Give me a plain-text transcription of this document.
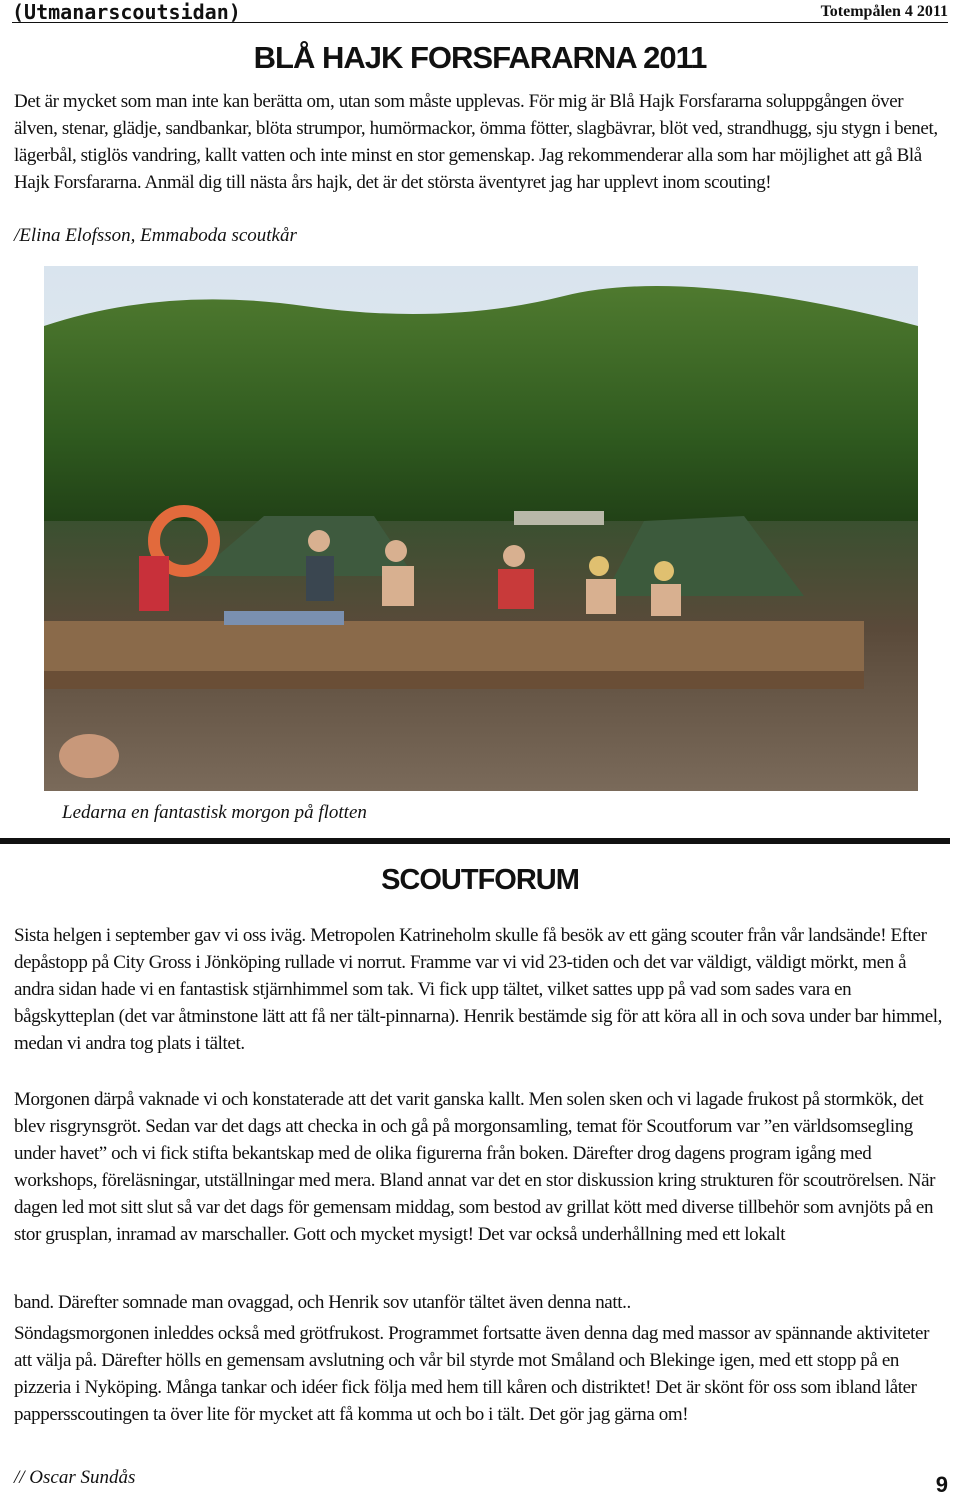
(Utmanarscoutsidan)	Totempålen 4 2011
BLÅ HAJK FORSFARARNA 2011

Det är mycket som man inte kan berätta om, utan som måste upplevas. För mig är Blå Hajk Forsfararna soluppgången över älven, stenar, glädje, sandbankar, blöta strumpor, humörmackor, ömma fötter, slagbävrar, blöt ved, strandhugg, sju stygn i benet, lägerbål, stiglös vandring, kallt vatten och inte minst en stor gemenskap. Jag rekommenderar alla som har möjlighet att gå Blå Hajk Forsfararna. Anmäl dig till nästa års hajk, det är det största äventyret jag har upplevt inom scouting!

/Elina Elofsson, Emmaboda scoutkår
Ledarna en fantastisk morgon på flotten
SCOUTFORUM

Sista helgen i september gav vi oss iväg. Metropolen Katrineholm skulle få besök av ett gäng scouter från vår landsände! Efter depåstopp på City Gross i Jönköping rullade vi norrut. Framme var vi vid 23-tiden och det var väldigt, väldigt mörkt, men å andra sidan hade vi en fantastisk stjärnhimmel som tak. Vi fick upp tältet, vilket sattes upp på vad som sades vara en bågskytteplan (det var åtminstone lätt att få ner tält-pinnarna). Henrik bestämde sig för att köra all in och sova under bar himmel, medan vi andra tog plats i tältet.

Morgonen därpå vaknade vi och konstaterade att det varit ganska kallt. Men solen sken och vi lagade frukost på stormkök, det blev risgrynsgröt. Sedan var det dags att checka in och gå på morgonsamling, temat för Scoutforum var ”en världsomsegling under havet” och vi fick stifta bekantskap med de olika figurerna från boken. Därefter drog dagens program igång med workshops, föreläsningar, utställningar med mera. Bland annat var det en stor diskussion kring strukturen för scoutrörelsen. När dagen led mot sitt slut så var det dags för gemensam middag, som bestod av grillat kött med diverse tillbehör som avnjöts på en stor grusplan, inramad av marschaller. Gott och mycket mysigt! Det var också underhållning med ett lokalt

band. Därefter somnade man ovaggad, och Henrik sov utanför tältet även denna natt..

Söndagsmorgonen inleddes också med grötfrukost. Programmet fortsatte även denna dag med massor av spännande aktiviteter att välja på. Därefter hölls en gemensam avslutning och vår bil styrde mot Småland och Blekinge igen, med ett stopp på en pizzeria i Nyköping. Många tankar och idéer fick följa med hem till kåren och distriktet! Det är skönt för oss som ibland låter pappersscoutingen ta över lite för mycket att få komma ut och bo i tält. Det gör jag gärna om!

// Oscar Sundås	9
